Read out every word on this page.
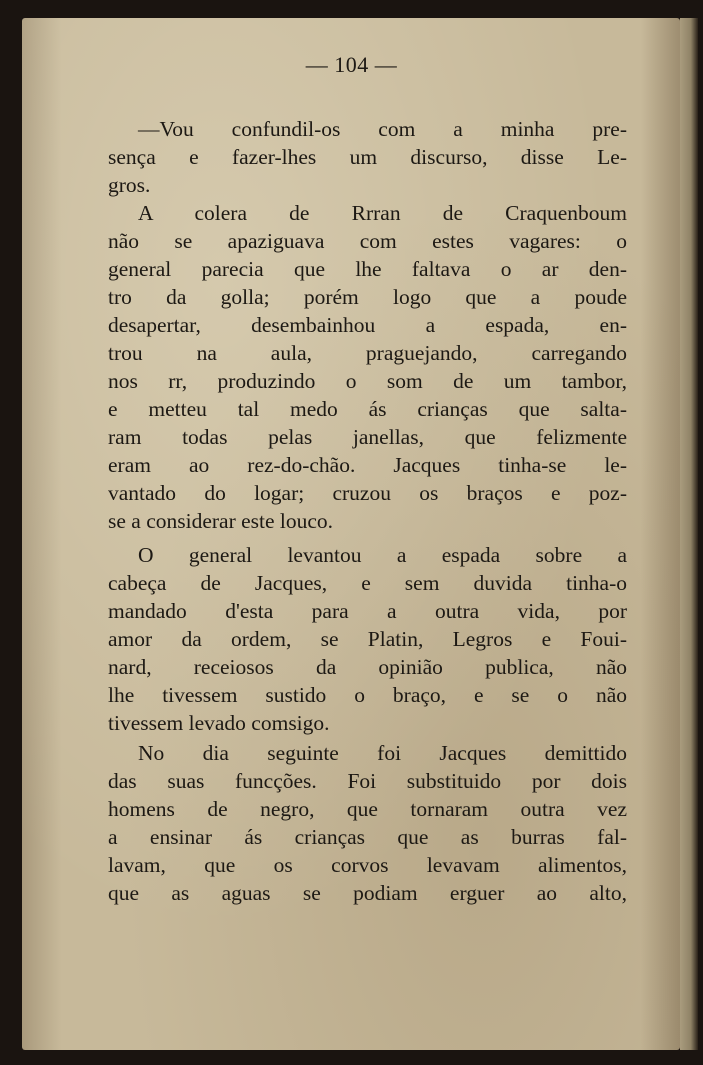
— 104 —
—Vou confundil-os com a minha pre-
sença e fazer-lhes um discurso, disse Le-
gros.
A colera de Rrran de Craquenboum
não se apaziguava com estes vagares: o
general parecia que lhe faltava o ar den-
tro da golla; porém logo que a poude
desapertar, desembainhou a espada, en-
trou na aula, praguejando, carregando
nos rr, produzindo o som de um tambor,
e metteu tal medo ás crianças que salta-
ram todas pelas janellas, que felizmente
eram ao rez-do-chão. Jacques tinha-se le-
vantado do logar; cruzou os braços e poz-
se a considerar este louco.
O general levantou a espada sobre a
cabeça de Jacques, e sem duvida tinha-o
mandado d'esta para a outra vida, por
amor da ordem, se Platin, Legros e Foui-
nard, receiosos da opinião publica, não
lhe tivessem sustido o braço, e se o não
tivessem levado comsigo.
No dia seguinte foi Jacques demittido
das suas funcções. Foi substituido por dois
homens de negro, que tornaram outra vez
a ensinar ás crianças que as burras fal-
lavam, que os corvos levavam alimentos,
que as aguas se podiam erguer ao alto,
